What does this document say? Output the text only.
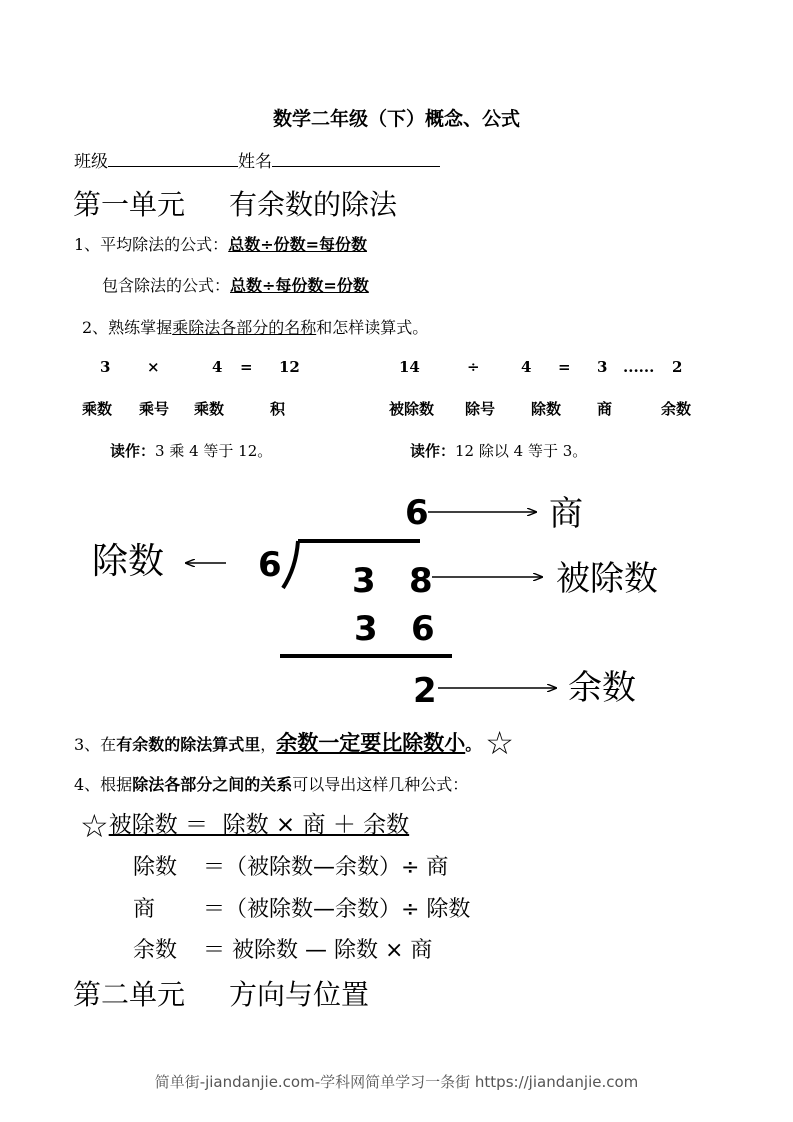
数学二年级（下）概念、公式
班级	姓名
第一单元 有余数的除法
1、平均除法的公式：总数÷份数=每份数
包含除法的公式：总数÷每份数=份数
2、熟练掌握乘除法各部分的名称和怎样读算式。
3 ×	4 = 12
乘数 乘号 乘数	积
读作：3 乘 4 等于 12。
14	÷	4 = 3 ...... 2
被除数 除号 除数 商	余数
读作：12 除以 4 等于 3。
6	商
除数	6 3 8	被除数
3 6
2	余数
3、在有余数的除法算式里，余数一定要比除数小。 ☆
4、根据除法各部分之间的关系可以导出这样几种公式：
☆被除数 ＝  除数 × 商 ＋ 余数
除数 ＝（被除数—余数）÷ 商
商 ＝（被除数—余数）÷ 除数
余数 ＝ 被除数 — 除数 × 商
第二单元 方向与位置
简单街-jiandanjie.com-学科网简单学习一条街 https://jiandanjie.com
